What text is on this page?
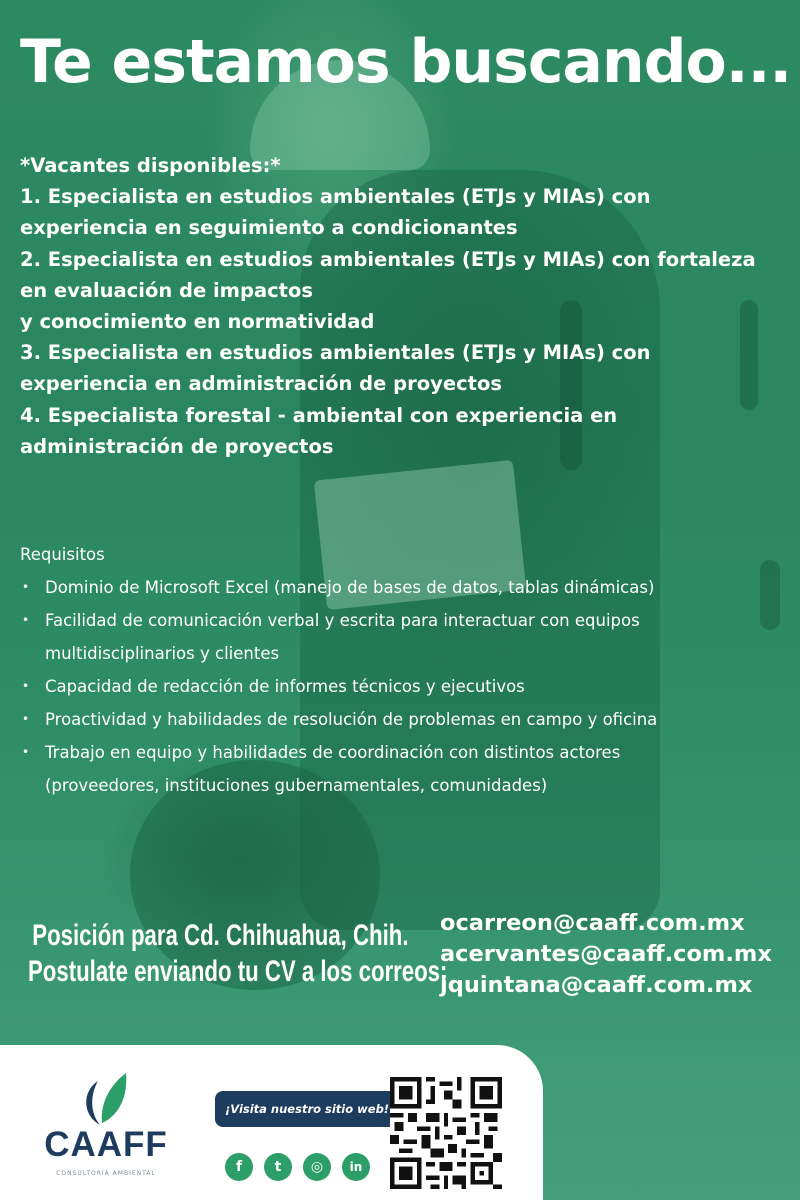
Te estamos buscando...
*Vacantes disponibles:*
1. Especialista en estudios ambientales (ETJs y MIAs) con
experiencia en seguimiento a condicionantes
2. Especialista en estudios ambientales (ETJs y MIAs) con fortaleza
en evaluación de impactos
y conocimiento en normatividad
3. Especialista en estudios ambientales (ETJs y MIAs) con
experiencia en administración de proyectos
4. Especialista forestal - ambiental con experiencia en
administración de proyectos
Requisitos
• Dominio de Microsoft Excel (manejo de bases de datos, tablas dinámicas)
• Facilidad de comunicación verbal y escrita para interactuar con equipos
multidisciplinarios y clientes
• Capacidad de redacción de informes técnicos y ejecutivos
• Proactividad y habilidades de resolución de problemas en campo y oficina
• Trabajo en equipo y habilidades de coordinación con distintos actores
(proveedores, instituciones gubernamentales, comunidades)
Posición para Cd. Chihuahua, Chih.
Postulate enviando tu CV a los correos:
ocarreon@caaff.com.mx
acervantes@caaff.com.mx
jquintana@caaff.com.mx
CAAFF
CONSULTORÍA AMBIENTAL
¡Visita nuestro sitio web!
f	t	◎	in
